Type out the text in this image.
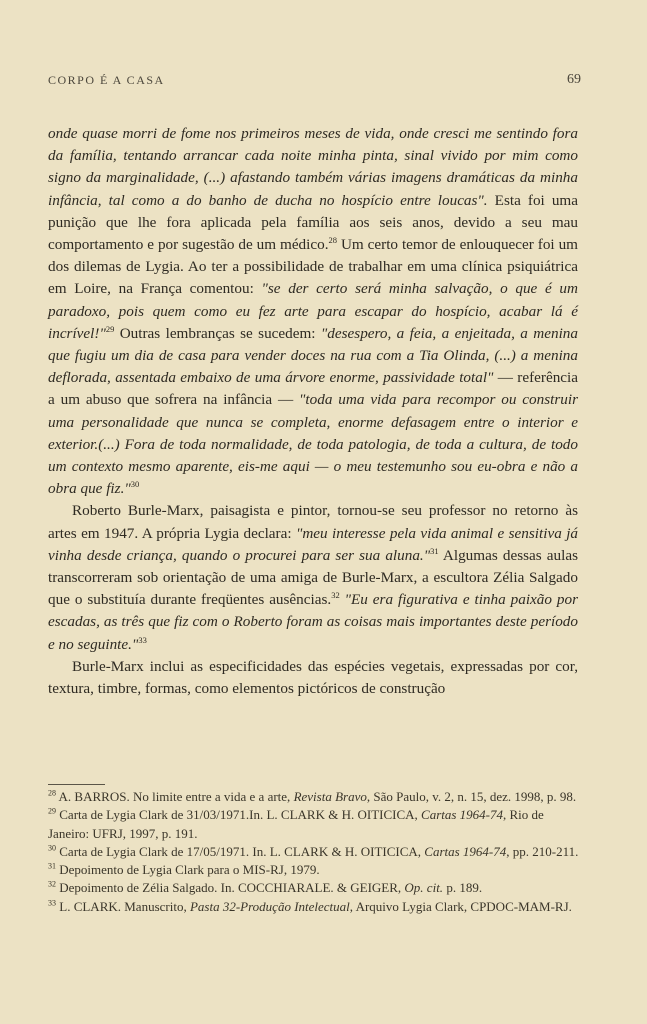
CORPO É A CASA	69

onde quase morri de fome nos primeiros meses de vida, onde cresci me sentindo fora da família, tentando arrancar cada noite minha pinta, sinal vivido por mim como signo da marginalidade, (...) afastando também várias imagens dramáticas da minha infância, tal como a do banho de ducha no hospício entre loucas". Esta foi uma punição que lhe fora aplicada pela família aos seis anos, devido a seu mau comportamento e por sugestão de um médico.$^{28}$ Um certo temor de enlouquecer foi um dos dilemas de Lygia. Ao ter a possibilidade de trabalhar em uma clínica psiquiátrica em Loire, na França comentou: "se der certo será minha salvação, o que é um paradoxo, pois quem como eu fez arte para escapar do hospício, acabar lá é incrível!"$^{29}$ Outras lembranças se sucedem: "desespero, a feia, a enjeitada, a menina que fugiu um dia de casa para vender doces na rua com a Tia Olinda, (...) a menina deflorada, assentada embaixo de uma árvore enorme, passividade total" — referência a um abuso que sofrera na infância — "toda uma vida para recompor ou construir uma personalidade que nunca se completa, enorme defasagem entre o interior e exterior.(...) Fora de toda normalidade, de toda patologia, de toda a cultura, de todo um contexto mesmo aparente, eis-me aqui — o meu testemunho sou eu-obra e não a obra que fiz."$^{30}$

Roberto Burle-Marx, paisagista e pintor, tornou-se seu professor no retorno às artes em 1947. A própria Lygia declara: "meu interesse pela vida animal e sensitiva já vinha desde criança, quando o procurei para ser sua aluna."$^{31}$ Algumas dessas aulas transcorreram sob orientação de uma amiga de Burle-Marx, a escultora Zélia Salgado que o substituía durante freqüentes ausências.$^{32}$ "Eu era figurativa e tinha paixão por escadas, as três que fiz com o Roberto foram as coisas mais importantes deste período e no seguinte."$^{33}$

Burle-Marx inclui as especificidades das espécies vegetais, expressadas por cor, textura, timbre, formas, como elementos pictóricos de construção

$^{28}$ A. BARROS. No limite entre a vida e a arte, Revista Bravo, São Paulo, v. 2, n. 15, dez. 1998, p. 98.

$^{29}$ Carta de Lygia Clark de 31/03/1971.In. L. CLARK & H. OITICICA, Cartas 1964-74, Rio de Janeiro: UFRJ, 1997, p. 191.

$^{30}$ Carta de Lygia Clark de 17/05/1971. In. L. CLARK & H. OITICICA, Cartas 1964-74, pp. 210-211.

$^{31}$ Depoimento de Lygia Clark para o MIS-RJ, 1979.

$^{32}$ Depoimento de Zélia Salgado. In. COCCHIARALE. & GEIGER, Op. cit. p. 189.

$^{33}$ L. CLARK. Manuscrito, Pasta 32-Produção Intelectual, Arquivo Lygia Clark, CPDOC-MAM-RJ.
